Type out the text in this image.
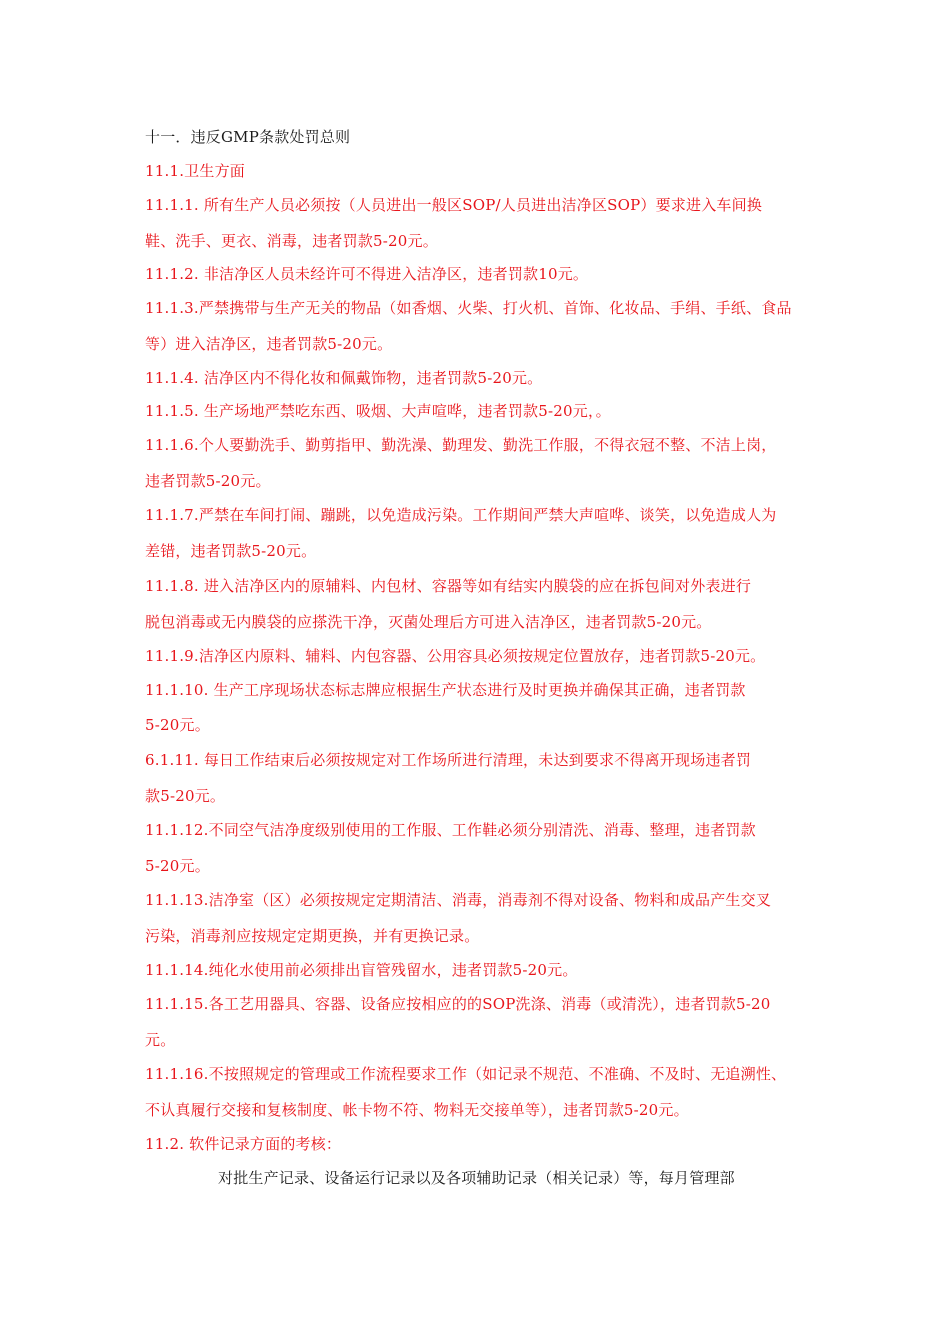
十一．违反GMP条款处罚总则
11.1.卫生方面
11.1.1. 所有生产人员必须按（人员进出一般区SOP/人员进出洁净区SOP）要求进入车间换
鞋、洗手、更衣、消毒，违者罚款5-20元。
11.1.2. 非洁净区人员未经许可不得进入洁净区，违者罚款10元。
11.1.3.严禁携带与生产无关的物品（如香烟、火柴、打火机、首饰、化妆品、手绢、手纸、食品
等）进入洁净区，违者罚款5-20元。
11.1.4. 洁净区内不得化妆和佩戴饰物，违者罚款5-20元。
11.1.5. 生产场地严禁吃东西、吸烟、大声喧哗，违者罚款5-20元，。
11.1.6.个人要勤洗手、勤剪指甲、勤洗澡、勤理发、勤洗工作服，不得衣冠不整、不洁上岗，
违者罚款5-20元。
11.1.7.严禁在车间打闹、蹦跳，以免造成污染。工作期间严禁大声喧哗、谈笑，以免造成人为
差错，违者罚款5-20元。
11.1.8. 进入洁净区内的原辅料、内包材、容器等如有结实内膜袋的应在拆包间对外表进行
脱包消毒或无内膜袋的应搽洗干净，灭菌处理后方可进入洁净区，违者罚款5-20元。
11.1.9.洁净区内原料、辅料、内包容器、公用容具必须按规定位置放存，违者罚款5-20元。
11.1.10. 生产工序现场状态标志牌应根据生产状态进行及时更换并确保其正确，违者罚款
5-20元。
6.1.11. 每日工作结束后必须按规定对工作场所进行清理，未达到要求不得离开现场违者罚
款5-20元。
11.1.12.不同空气洁净度级别使用的工作服、工作鞋必须分别清洗、消毒、整理，违者罚款
5-20元。
11.1.13.洁净室（区）必须按规定定期清洁、消毒，消毒剂不得对设备、物料和成品产生交叉
污染，消毒剂应按规定定期更换，并有更换记录。
11.1.14.纯化水使用前必须排出盲管残留水，违者罚款5-20元。
11.1.15.各工艺用器具、容器、设备应按相应的的SOP洗涤、消毒（或清洗），违者罚款5-20
元。
11.1.16.不按照规定的管理或工作流程要求工作（如记录不规范、不准确、不及时、无追溯性、
不认真履行交接和复核制度、帐卡物不符、物料无交接单等），违者罚款5-20元。
11.2. 软件记录方面的考核：
对批生产记录、设备运行记录以及各项辅助记录（相关记录）等，每月管理部
